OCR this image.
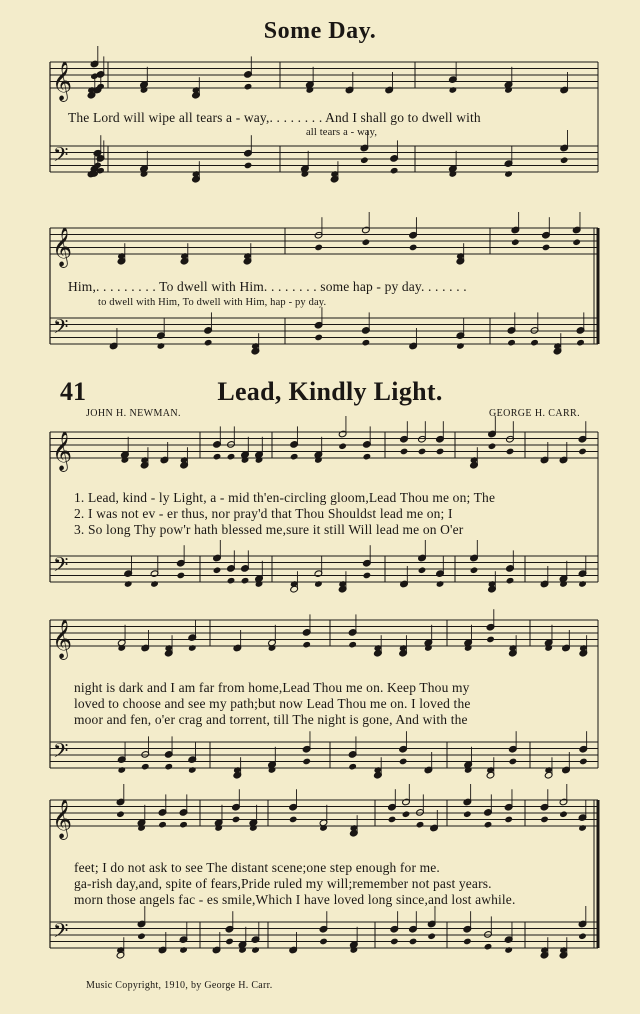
𝄞
𝄢
𝄞
𝄢
𝄞
𝄢
𝄞
𝄢
𝄞
𝄢
Some Day.
The Lord will wipe all tears a - way,. . . . . . . . And I shall go to dwell with
all tears a - way,
Him,. . . . . . . . . To dwell with Him. . . . . . . . some hap - py day. . . . . . .
to dwell with Him, To dwell with Him, hap - py day.
41	Lead, Kindly Light.
JOHN H. NEWMAN.	GEORGE H. CARR.
1. Lead, kind - ly Light, a - mid th'en-circling gloom,Lead Thou me on; The
2. I was not ev - er thus, nor pray'd that Thou Shouldst lead me on; I
3. So long Thy pow'r hath blessed me,sure it still Will lead me on O'er
night is dark and I am far from home,Lead Thou me on. Keep Thou my
loved to choose and see my path;but now Lead Thou me on. I loved the
moor and fen, o'er crag and torrent, till The night is gone, And with the
feet; I do not ask to see The distant scene;one step enough for me.
ga-rish day,and, spite of fears,Pride ruled my will;remember not past years.
morn those angels fac - es smile,Which I have loved long since,and lost awhile.
Music Copyright, 1910, by George H. Carr.
